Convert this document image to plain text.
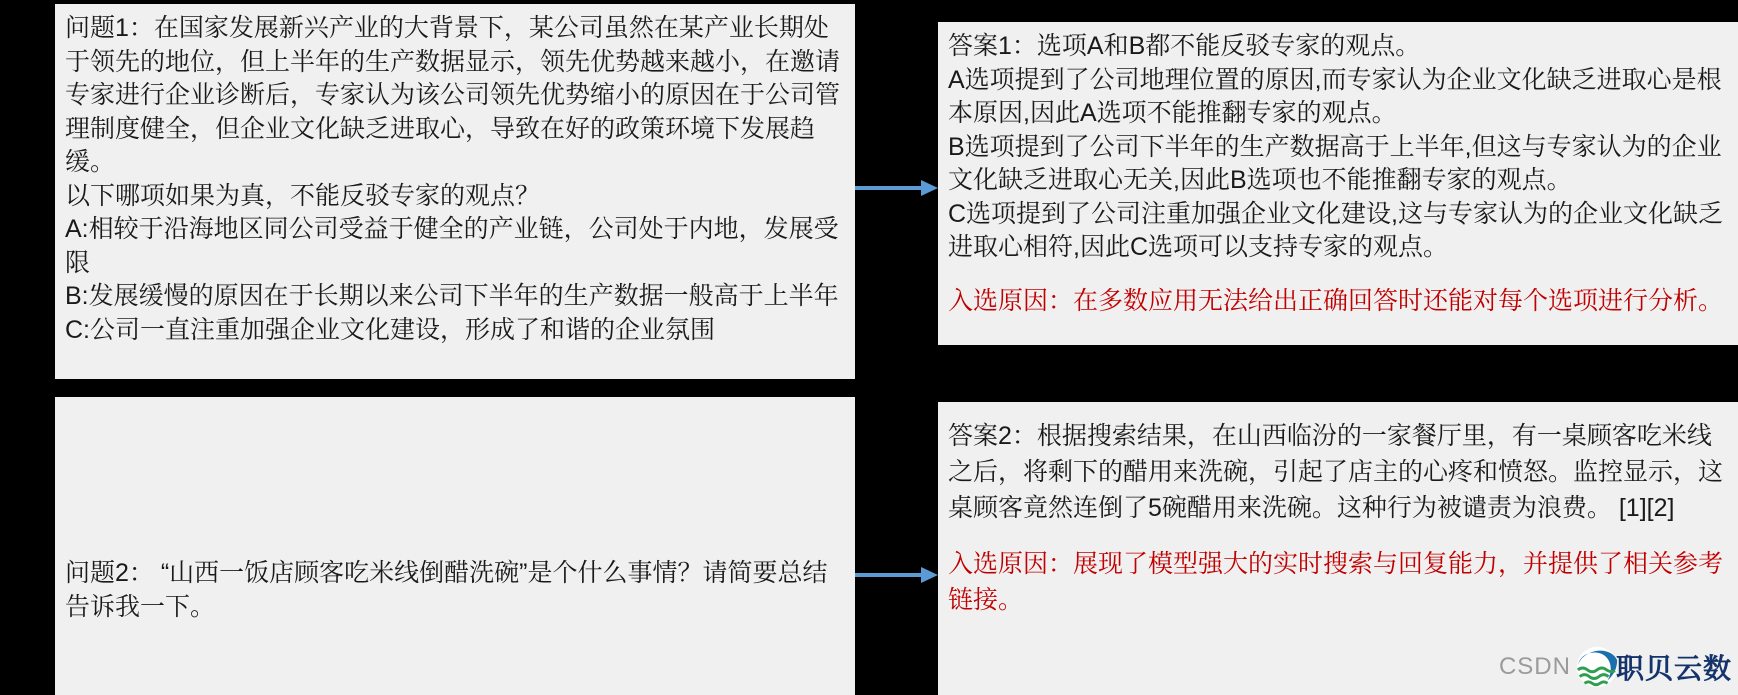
问题1：在国家发展新兴产业的大背景下，某公司虽然在某产业长期处于领先的地位，但上半年的生产数据显示，领先优势越来越小，在邀请专家进行企业诊断后，专家认为该公司领先优势缩小的原因在于公司管理制度健全，但企业文化缺乏进取心，导致在好的政策环境下发展趋缓。

以下哪项如果为真，不能反驳专家的观点？

A:相较于沿海地区同公司受益于健全的产业链，公司处于内地，发展受限

B:发展缓慢的原因在于长期以来公司下半年的生产数据一般高于上半年

C:公司一直注重加强企业文化建设，形成了和谐的企业氛围

答案1：选项A和B都不能反驳专家的观点。

A选项提到了公司地理位置的原因,而专家认为企业文化缺乏进取心是根本原因,因此A选项不能推翻专家的观点。

B选项提到了公司下半年的生产数据高于上半年,但这与专家认为的企业文化缺乏进取心无关,因此B选项也不能推翻专家的观点。

C选项提到了公司注重加强企业文化建设,这与专家认为的企业文化缺乏进取心相符,因此C选项可以支持专家的观点。

入选原因：在多数应用无法给出正确回答时还能对每个选项进行分析。

问题2： “山西一饭店顾客吃米线倒醋洗碗”是个什么事情？请简要总结告诉我一下。

答案2：根据搜索结果，在山西临汾的一家餐厅里，有一桌顾客吃米线之后，将剩下的醋用来洗碗，引起了店主的心疼和愤怒。监控显示，这桌顾客竟然连倒了5碗醋用来洗碗。这种行为被谴责为浪费。 [1][2]

入选原因：展现了模型强大的实时搜索与回复能力，并提供了相关参考链接。

CSDN 职贝云数
